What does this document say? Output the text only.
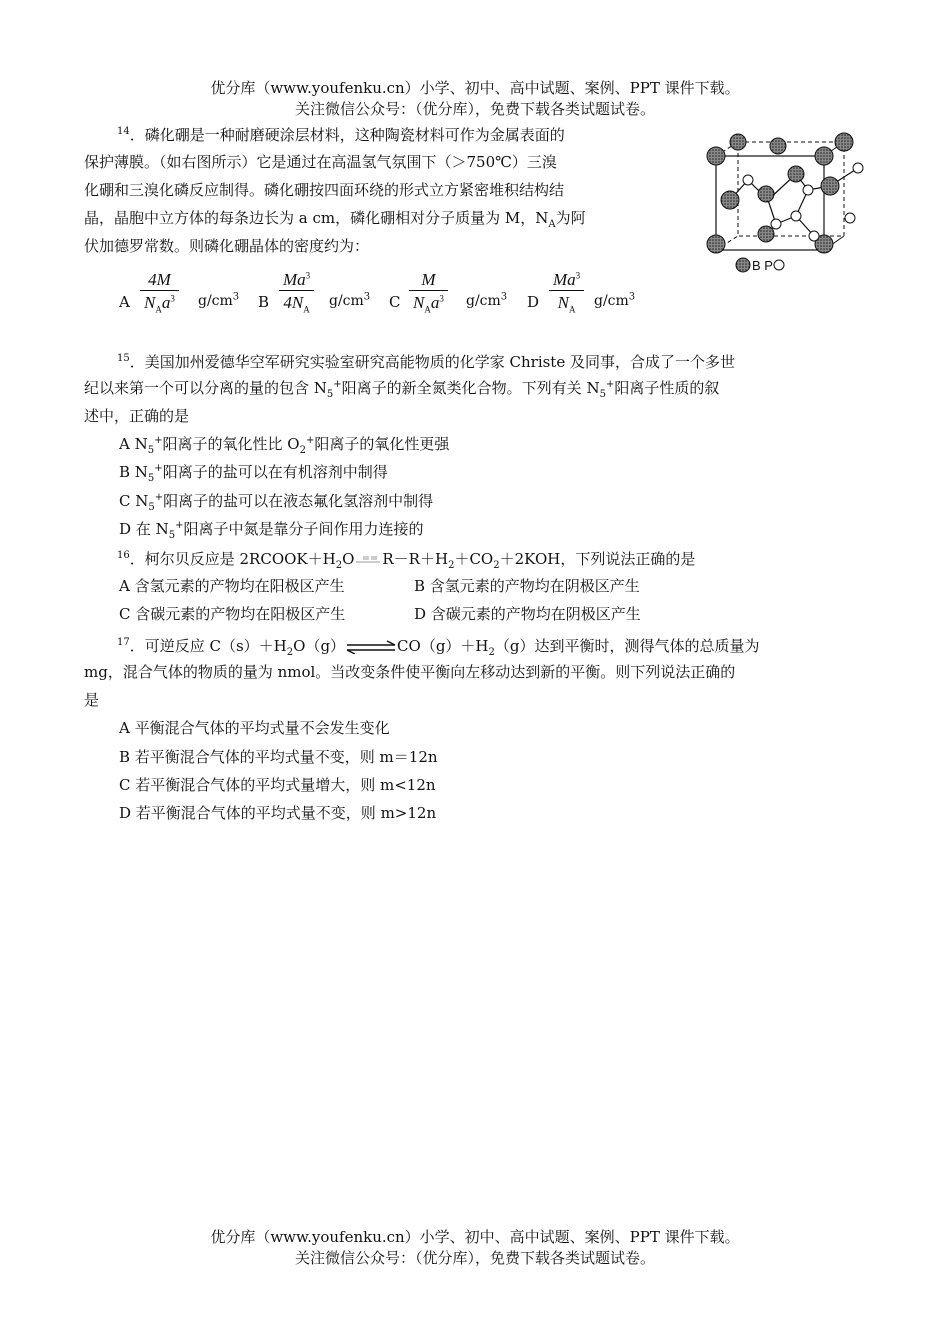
优分库（www.youfenku.cn）小学、初中、高中试题、案例、PPT 课件下载。
关注微信公众号：（优分库），免费下载各类试题试卷。
$^{14}$．磷化硼是一种耐磨硬涂层材料，这种陶瓷材料可作为金属表面的
保护薄膜。（如右图所示）它是通过在高温氢气氛围下（＞750℃）三溴
化硼和三溴化磷反应制得。磷化硼按四面环绕的形式立方紧密堆积结构结
晶，晶胞中立方体的每条边长为 a cm，磷化硼相对分子质量为 M，$N_A$为阿
伏加德罗常数。则磷化硼晶体的密度约为：
B P
A
4M
$N_Aa^3$ $g/cm^3$ B $\frac{Ma^3}{4N_A} g/cm^3$ C
M
$N_Aa^3$ $g/cm^3$ D $\frac{Ma^3}{N_A} g/cm^3$
$^{15}$．美国加州爱德华空军研究实验室研究高能物质的化学家 Christe 及同事，合成了一个多世
纪以来第一个可以分离的量的包含 $N_5^+$阳离子的新全氮类化合物。下列有关 $N_5^+$阳离子性质的叙
述中，正确的是
A $N_5^+$阳离子的氧化性比 $O_2^+$阳离子的氧化性更强
B $N_5^+$阳离子的盐可以在有机溶剂中制得
C $N_5^+$阳离子的盐可以在液态氟化氢溶剂中制得
D 在 $N_5^+$阳离子中氮是靠分子间作用力连接的
$^{16}$．柯尔贝反应是 $2RCOOK+H_2O$ $R-R+H_2+CO_2+2KOH$，下列说法正确的是
A 含氢元素的产物均在阳极区产生	B 含氢元素的产物均在阴极区产生
C 含碳元素的产物均在阳极区产生	D 含碳元素的产物均在阴极区产生
$^{17}$．可逆反应 $C(s)+H_2O(g)\rightleftharpoons CO(g)+H_2(g)$达到平衡时，测得气体的总质量为
mg，混合气体的物质的量为 nmol。当改变条件使平衡向左移动达到新的平衡。则下列说法正确的
是
A 平衡混合气体的平均式量不会发生变化
B 若平衡混合气体的平均式量不变，则 m＝12n
C 若平衡混合气体的平均式量增大，则 m<12n
D 若平衡混合气体的平均式量不变，则 m>12n
优分库（www.youfenku.cn）小学、初中、高中试题、案例、PPT 课件下载。
关注微信公众号：（优分库），免费下载各类试题试卷。
